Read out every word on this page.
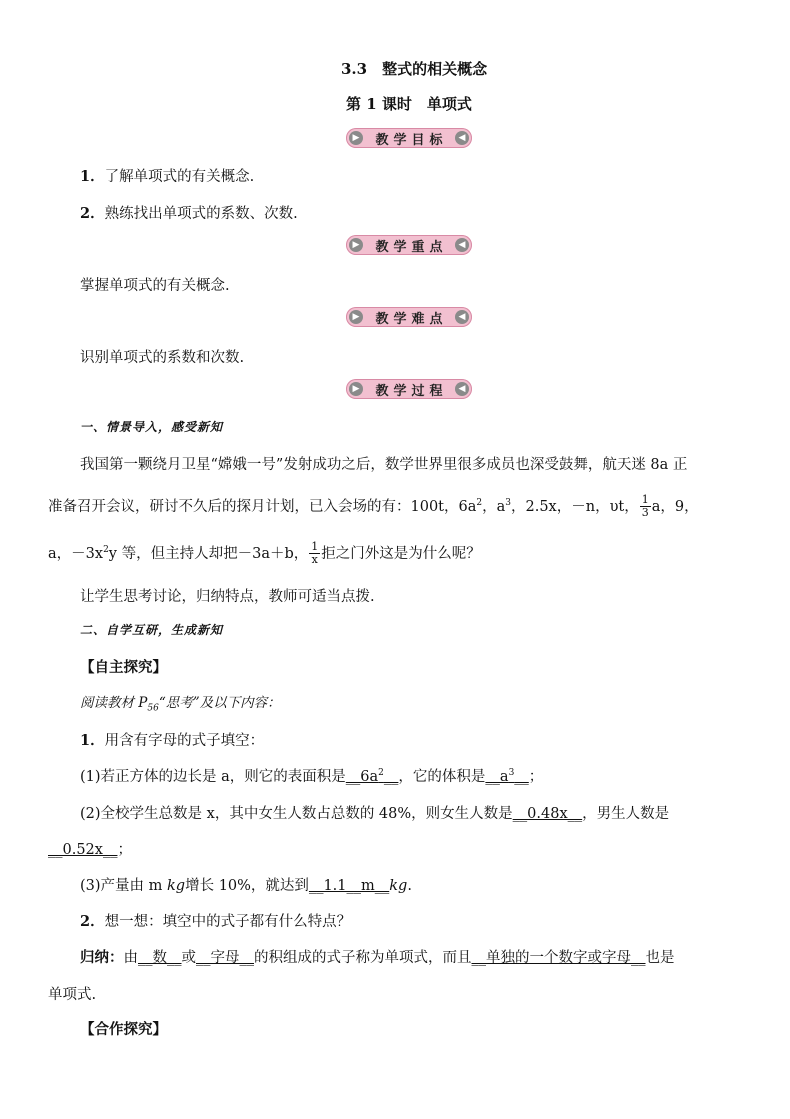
3.3　整式的相关概念
第 1 课时　单项式
▶	教学目标	◀
1．了解单项式的有关概念.
2．熟练找出单项式的系数、次数.
▶	教学重点	◀
掌握单项式的有关概念.
▶	教学难点	◀
识别单项式的系数和次数.
▶	教学过程	◀
一、情景导入，感受新知
我国第一颗绕月卫星“嫦娥一号”发射成功之后，数学世界里很多成员也深受鼓舞，航天迷 8a 正
准备召开会议，研讨不久后的探月计划，已入会场的有：100t，$6a^2$，$a^3$，2.5x，－n，υt， $\frac{1}{3}$ a，9，
a，$-3x^2y$ 等，但主持人却把－3a＋b， $\frac{1}{x}$ 拒之门外这是为什么呢？
让学生思考讨论，归纳特点，教师可适当点拨.
二、自学互研，生成新知
【自主探究】
阅读教材 $P_{56}“$思考”及以下内容：
1．用含有字母的式子填空：
(1)若正方体的边长是 a，则它的表面积是$\_\_6a^2\_\_$，它的体积是$\_\_a^3\_\_$；
(2)全校学生总数是 x，其中女生人数占总数的 48%，则女生人数是__0.48x__，男生人数是
__0.52x__；
(3)产量由 m kg增长 10%，就达到__1.1__m__kg.
2．想一想：填空中的式子都有什么特点？
归纳：由__数__或__字母__的积组成的式子称为单项式，而且__单独的一个数字或字母__也是
单项式.
【合作探究】
